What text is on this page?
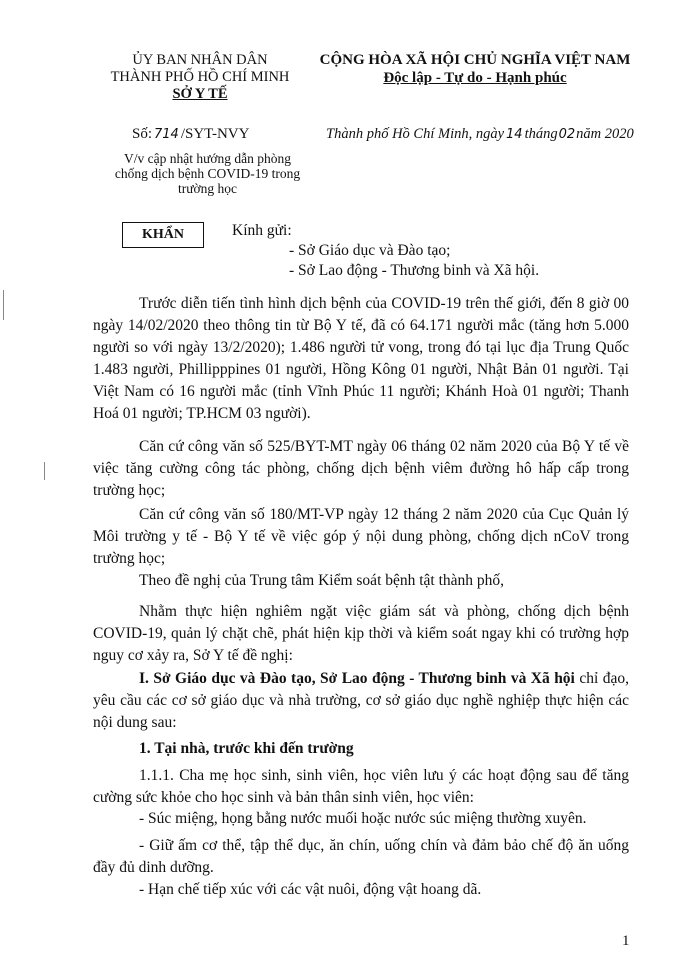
ỦY BAN NHÂN DÂN
THÀNH PHỐ HỒ CHÍ MINH
SỞ Y TẾ
CỘNG HÒA XÃ HỘI CHỦ NGHĨA VIỆT NAM
Độc lập - Tự do - Hạnh phúc
Số: 714 /SYT-NVY
V/v cập nhật hướng dẫn phòng
chống dịch bệnh COVID-19 trong
trường học
Thành phố Hồ Chí Minh, ngày 14 tháng02năm 2020
KHẨN	Kính gửi:
- Sở Giáo dục và Đào tạo;
- Sở Lao động - Thương binh và Xã hội.
Trước diễn tiến tình hình dịch bệnh của COVID-19 trên thế giới, đến 8 giờ 00 ngày 14/02/2020 theo thông tin từ Bộ Y tế, đã có 64.171 người mắc (tăng hơn 5.000 người so với ngày 13/2/2020); 1.486 người tử vong, trong đó tại lục địa Trung Quốc 1.483 người, Phillipppines 01 người, Hồng Kông 01 người, Nhật Bản 01 người. Tại Việt Nam có 16 người mắc (tỉnh Vĩnh Phúc 11 người; Khánh Hoà 01 người; Thanh Hoá 01 người; TP.HCM 03 người).
Căn cứ công văn số 525/BYT-MT ngày 06 tháng 02 năm 2020 của Bộ Y tế về việc tăng cường công tác phòng, chống dịch bệnh viêm đường hô hấp cấp trong trường học;
Căn cứ công văn số 180/MT-VP ngày 12 tháng 2 năm 2020 của Cục Quản lý Môi trường y tế - Bộ Y tế về việc góp ý nội dung phòng, chống dịch nCoV trong trường học;
Theo đề nghị của Trung tâm Kiểm soát bệnh tật thành phố,
Nhằm thực hiện nghiêm ngặt việc giám sát và phòng, chống dịch bệnh COVID-19, quản lý chặt chẽ, phát hiện kịp thời và kiểm soát ngay khi có trường hợp nguy cơ xảy ra, Sở Y tế đề nghị:
I. Sở Giáo dục và Đào tạo, Sở Lao động - Thương binh và Xã hội chỉ đạo, yêu cầu các cơ sở giáo dục và nhà trường, cơ sở giáo dục nghề nghiệp thực hiện các nội dung sau:
1. Tại nhà, trước khi đến trường
1.1.1. Cha mẹ học sinh, sinh viên, học viên lưu ý các hoạt động sau để tăng cường sức khỏe cho học sinh và bản thân sinh viên, học viên:
- Súc miệng, họng bằng nước muối hoặc nước súc miệng thường xuyên.
- Giữ ấm cơ thể, tập thể dục, ăn chín, uống chín và đảm bảo chế độ ăn uống đầy đủ dinh dưỡng.
- Hạn chế tiếp xúc với các vật nuôi, động vật hoang dã.
1
